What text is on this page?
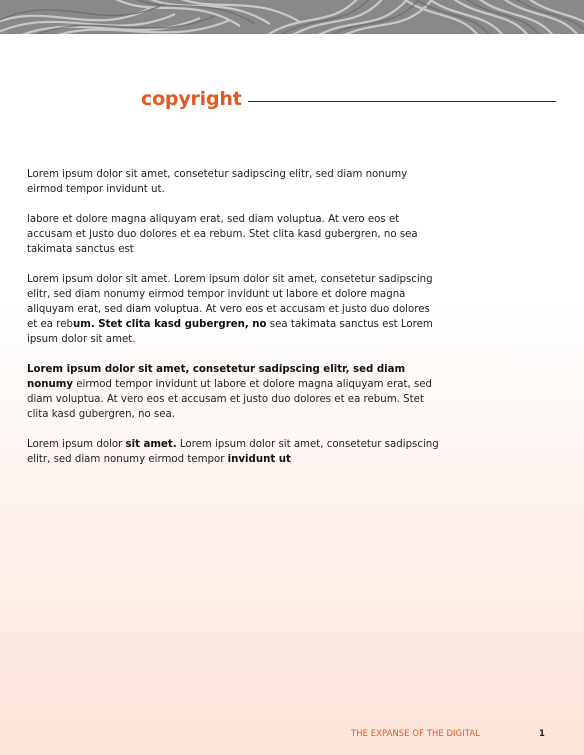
copyright

Lorem ipsum dolor sit amet, consetetur sadipscing elitr, sed diam nonumy eirmod tempor invidunt ut.

labore et dolore magna aliquyam erat, sed diam voluptua. At vero eos et accusam et justo duo dolores et ea rebum. Stet clita kasd gubergren, no sea takimata sanctus est

Lorem ipsum dolor sit amet. Lorem ipsum dolor sit amet, consetetur sadipscing elitr, sed diam nonumy eirmod tempor invidunt ut labore et dolore magna aliquyam erat, sed diam voluptua. At vero eos et accusam et justo duo dolores et ea rebum. Stet clita kasd gubergren, no sea takimata sanctus est Lorem ipsum dolor sit amet.

Lorem ipsum dolor sit amet, consetetur sadipscing elitr, sed diam nonumy eirmod tempor invidunt ut labore et dolore magna aliquyam erat, sed diam voluptua. At vero eos et accusam et justo duo dolores et ea rebum. Stet clita kasd gubergren, no sea.

Lorem ipsum dolor sit amet. Lorem ipsum dolor sit amet, consetetur sadipscing elitr, sed diam nonumy eirmod tempor invidunt ut

THE EXPANSE OF THE DIGITAL	1
